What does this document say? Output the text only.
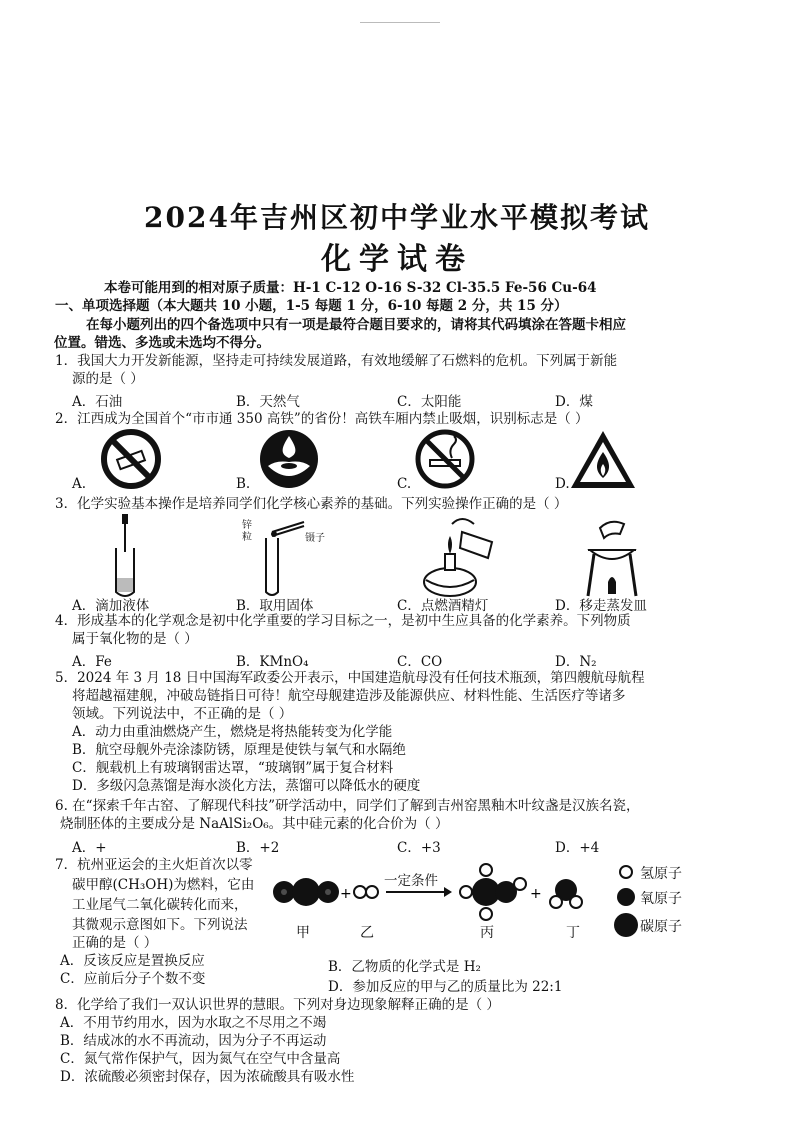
2024年吉州区初中学业水平模拟考试
化学试卷
本卷可能用到的相对原子质量：H-1 C-12 O-16 S-32 Cl-35.5 Fe-56 Cu-64
一、单项选择题（本大题共 10 小题，1-5 每题 1 分，6-10 每题 2 分，共 15 分）
在每小题列出的四个备选项中只有一项是最符合题目要求的，请将其代码填涂在答题卡相应
位置。错选、多选或未选均不得分。
1．我国大力开发新能源，坚持走可持续发展道路，有效地缓解了石燃料的危机。下列属于新能
源的是（ ）
A．石油	B．天然气	C．太阳能	D．煤
2．江西成为全国首个“市市通 350 高铁”的省份！高铁车厢内禁止吸烟，识别标志是（ ）
A.	B.	C.	D.
3．化学实验基本操作是培养同学们化学核心素养的基础。下列实验操作正确的是（ ）
锌粒	镊子
A．滴加液体	B．取用固体	C．点燃酒精灯	D．移走蒸发皿
4．形成基本的化学观念是初中化学重要的学习目标之一，是初中生应具备的化学素养。下列物质
属于氧化物的是（ ）
A．Fe	B．KMnO₄	C．CO	D．N₂
5．2024 年 3 月 18 日中国海军政委公开表示，中国建造航母没有任何技术瓶颈，第四艘航母航程
将超越福建舰，冲破岛链指日可待！航空母舰建造涉及能源供应、材料性能、生活医疗等诸多
领域。下列说法中，不正确的是（ ）
A．动力由重油燃烧产生，燃烧是将热能转变为化学能
B．航空母舰外壳涂漆防锈，原理是使铁与氧气和水隔绝
C．舰载机上有玻璃钢雷达罩，“玻璃钢”属于复合材料
D．多级闪急蒸馏是海水淡化方法，蒸馏可以降低水的硬度
6. 在“探索千年古窑、了解现代科技”研学活动中，同学们了解到吉州窑黑釉木叶纹盏是汉族名瓷，
烧制胚体的主要成分是 NaAlSi₂O₆。其中硅元素的化合价为（ ）
A．+	B．+2	C．+3	D．+4
7．杭州亚运会的主火炬首次以零
碳甲醇(CH₃OH)为燃料，它由
工业尾气二氧化碳转化而来，
其微观示意图如下。下列说法
正确的是（ ）
+	+
一定条件
甲	乙	丙	丁
氢原子
氧原子
碳原子
A．反该反应是置换反应	B．乙物质的化学式是 H₂
C．应前后分子个数不变	D．参加反应的甲与乙的质量比为 22:1
8．化学给了我们一双认识世界的慧眼。下列对身边现象解释正确的是（ ）
A．不用节约用水，因为水取之不尽用之不竭
B．结成冰的水不再流动，因为分子不再运动
C．氮气常作保护气，因为氮气在空气中含量高
D．浓硫酸必须密封保存，因为浓硫酸具有吸水性
